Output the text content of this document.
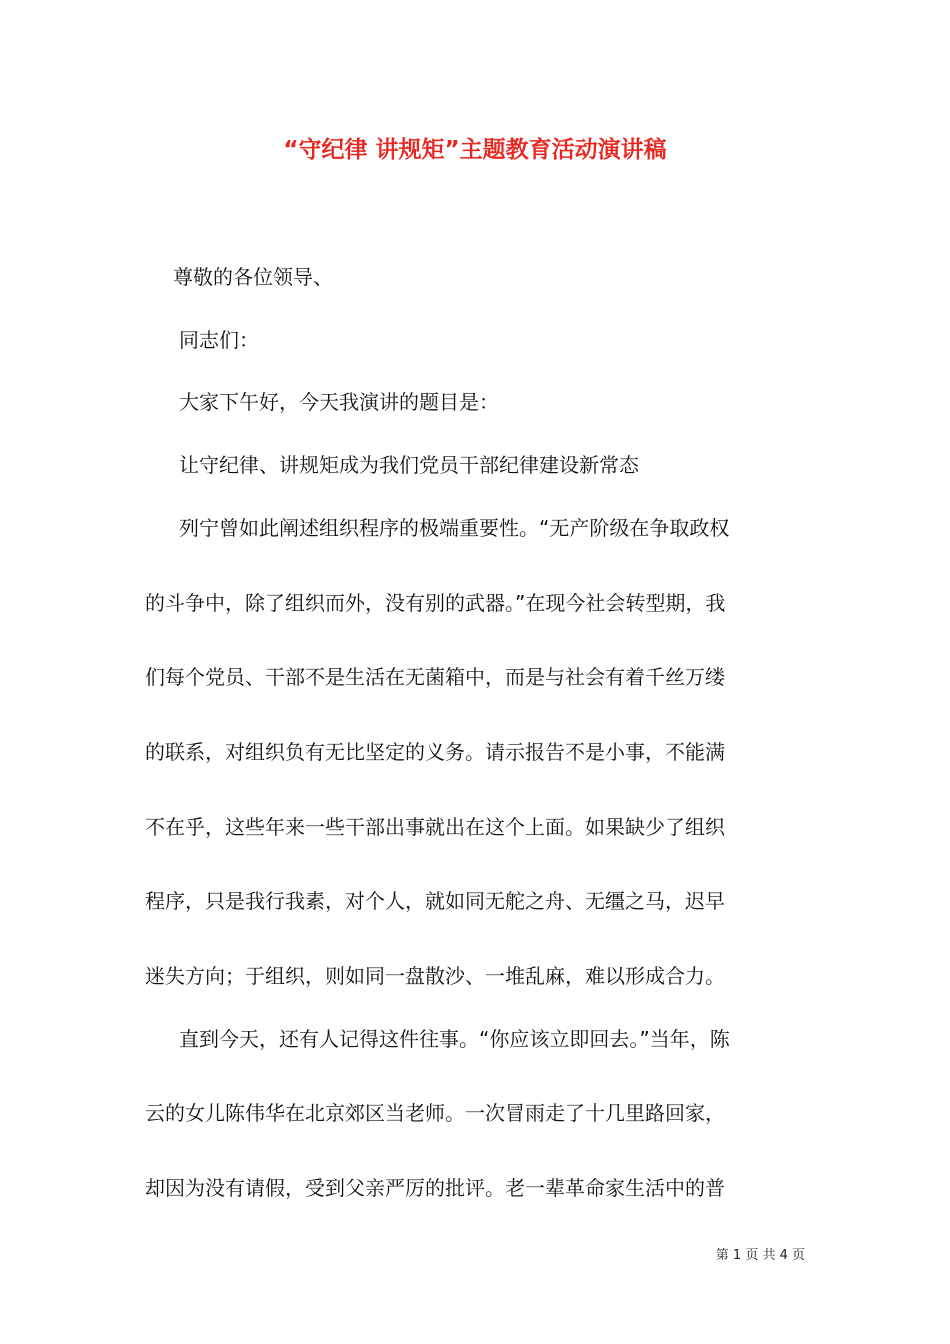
“守纪律 讲规矩”主题教育活动演讲稿

尊敬的各位领导、

同志们：

大家下午好，今天我演讲的题目是：

让守纪律、讲规矩成为我们党员干部纪律建设新常态

列宁曾如此阐述组织程序的极端重要性。“无产阶级在争取政权

的斗争中，除了组织而外，没有别的武器。”在现今社会转型期，我

们每个党员、干部不是生活在无菌箱中，而是与社会有着千丝万缕

的联系，对组织负有无比坚定的义务。请示报告不是小事，不能满

不在乎，这些年来一些干部出事就出在这个上面。如果缺少了组织

程序，只是我行我素，对个人，就如同无舵之舟、无缰之马，迟早

迷失方向；于组织，则如同一盘散沙、一堆乱麻，难以形成合力。

直到今天，还有人记得这件往事。“你应该立即回去。”当年，陈

云的女儿陈伟华在北京郊区当老师。一次冒雨走了十几里路回家，

却因为没有请假，受到父亲严厉的批评。老一辈革命家生活中的普

第 1 页 共 4 页
